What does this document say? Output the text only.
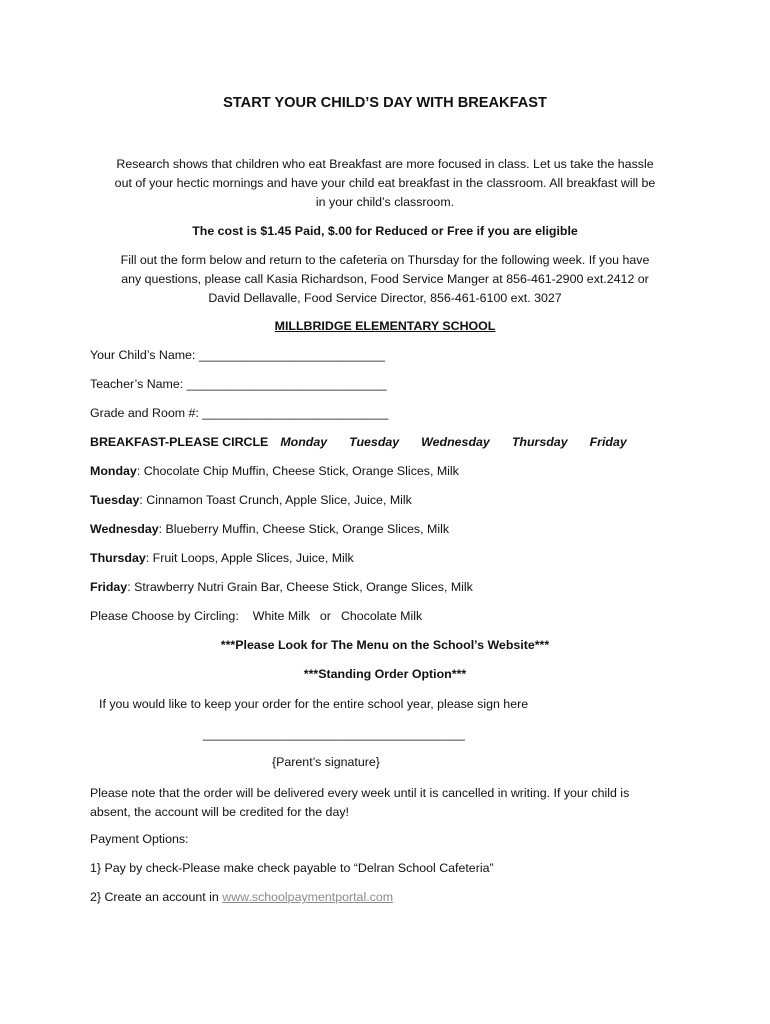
START YOUR CHILD’S DAY WITH BREAKFAST
Research shows that children who eat Breakfast are more focused in class. Let us take the hassle
out of your hectic mornings and have your child eat breakfast in the classroom. All breakfast will be
in your child’s classroom.
The cost is $1.45 Paid, $.00 for Reduced or Free if you are eligible
Fill out the form below and return to the cafeteria on Thursday for the following week. If you have
any questions, please call Kasia Richardson, Food Service Manger at 856-461-2900 ext.2412 or
David Dellavalle, Food Service Director, 856-461-6100 ext. 3027
MILLBRIDGE ELEMENTARY SCHOOL
Your Child’s Name: ___________________________
Teacher’s Name: _____________________________
Grade and Room #: ___________________________
BREAKFAST-PLEASE CIRCLE Monday Tuesday Wednesday Thursday Friday
Monday: Chocolate Chip Muffin, Cheese Stick, Orange Slices, Milk
Tuesday: Cinnamon Toast Crunch, Apple Slice, Juice, Milk
Wednesday: Blueberry Muffin, Cheese Stick, Orange Slices, Milk
Thursday: Fruit Loops, Apple Slices, Juice, Milk
Friday: Strawberry Nutri Grain Bar, Cheese Stick, Orange Slices, Milk
Please Choose by Circling: White Milk or Chocolate Milk
***Please Look for The Menu on the School’s Website***
***Standing Order Option***
If you would like to keep your order for the entire school year, please sign here
______________________________________
{Parent’s signature}
Please note that the order will be delivered every week until it is cancelled in writing. If your child is
absent, the account will be credited for the day!
Payment Options:
1} Pay by check-Please make check payable to “Delran School Cafeteria”
2} Create an account in www.schoolpaymentportal.com
